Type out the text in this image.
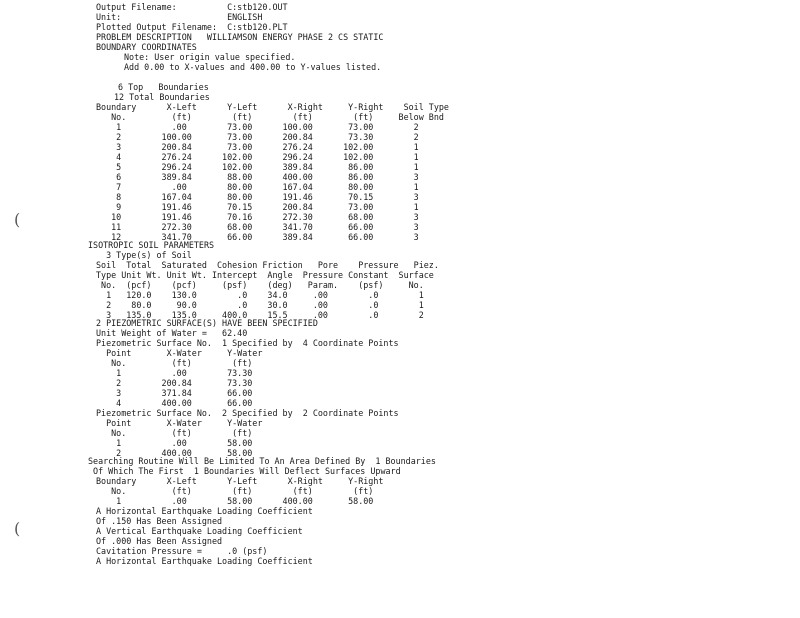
(
(
Output Filename:          C:stb120.OUT
Unit:                     ENGLISH
Plotted Output Filename:  C:stb120.PLT
PROBLEM DESCRIPTION   WILLIAMSON ENERGY PHASE 2 CS STATIC
BOUNDARY COORDINATES
Note: User origin value specified.
Add 0.00 to X-values and 400.00 to Y-values listed.
6 Top   Boundaries
12 Total Boundaries
Boundary      X-Left      Y-Left      X-Right     Y-Right    Soil Type
No.         (ft)        (ft)        (ft)        (ft)     Below Bnd
1          .00        73.00      100.00       73.00        2
2        100.00       73.00      200.84       73.30        2
3        200.84       73.00      276.24      102.00        1
4        276.24      102.00      296.24      102.00        1
5        296.24      102.00      389.84       86.00        1
6        389.84       88.00      400.00       86.00        3
7          .00        80.00      167.04       80.00        1
8        167.04       80.00      191.46       70.15        3
9        191.46       70.15      200.84       73.00        1
10        191.46       70.16      272.30       68.00        3
11        272.30       68.00      341.70       66.00        3
12        341.70       66.00      389.84       66.00        3
ISOTROPIC SOIL PARAMETERS
3 Type(s) of Soil
Soil  Total  Saturated  Cohesion Friction   Pore    Pressure   Piez.
Type Unit Wt. Unit Wt. Intercept  Angle  Pressure Constant  Surface
No.  (pcf)    (pcf)     (psf)    (deg)   Param.    (psf)     No.
1   120.0    130.0        .0    34.0     .00        .0        1
2    80.0     90.0        .0    30.0     .00        .0        1
3   135.0    135.0     400.0    15.5     .00        .0        2
2 PIEZOMETRIC SURFACE(S) HAVE BEEN SPECIFIED
Unit Weight of Water =   62.40
Piezometric Surface No.  1 Specified by  4 Coordinate Points
Point       X-Water     Y-Water
No.         (ft)        (ft)
1          .00        73.30
2        200.84       73.30
3        371.84       66.00
4        400.00       66.00
Piezometric Surface No.  2 Specified by  2 Coordinate Points
Point       X-Water     Y-Water
No.         (ft)        (ft)
1          .00        58.00
2        400.00       58.00
Searching Routine Will Be Limited To An Area Defined By  1 Boundaries
Of Which The First  1 Boundaries Will Deflect Surfaces Upward
Boundary      X-Left      Y-Left      X-Right     Y-Right
No.         (ft)        (ft)        (ft)        (ft)
1          .00        58.00      400.00       58.00
A Horizontal Earthquake Loading Coefficient
Of .150 Has Been Assigned
A Vertical Earthquake Loading Coefficient
Of .000 Has Been Assigned
Cavitation Pressure =     .0 (psf)
A Horizontal Earthquake Loading Coefficient
